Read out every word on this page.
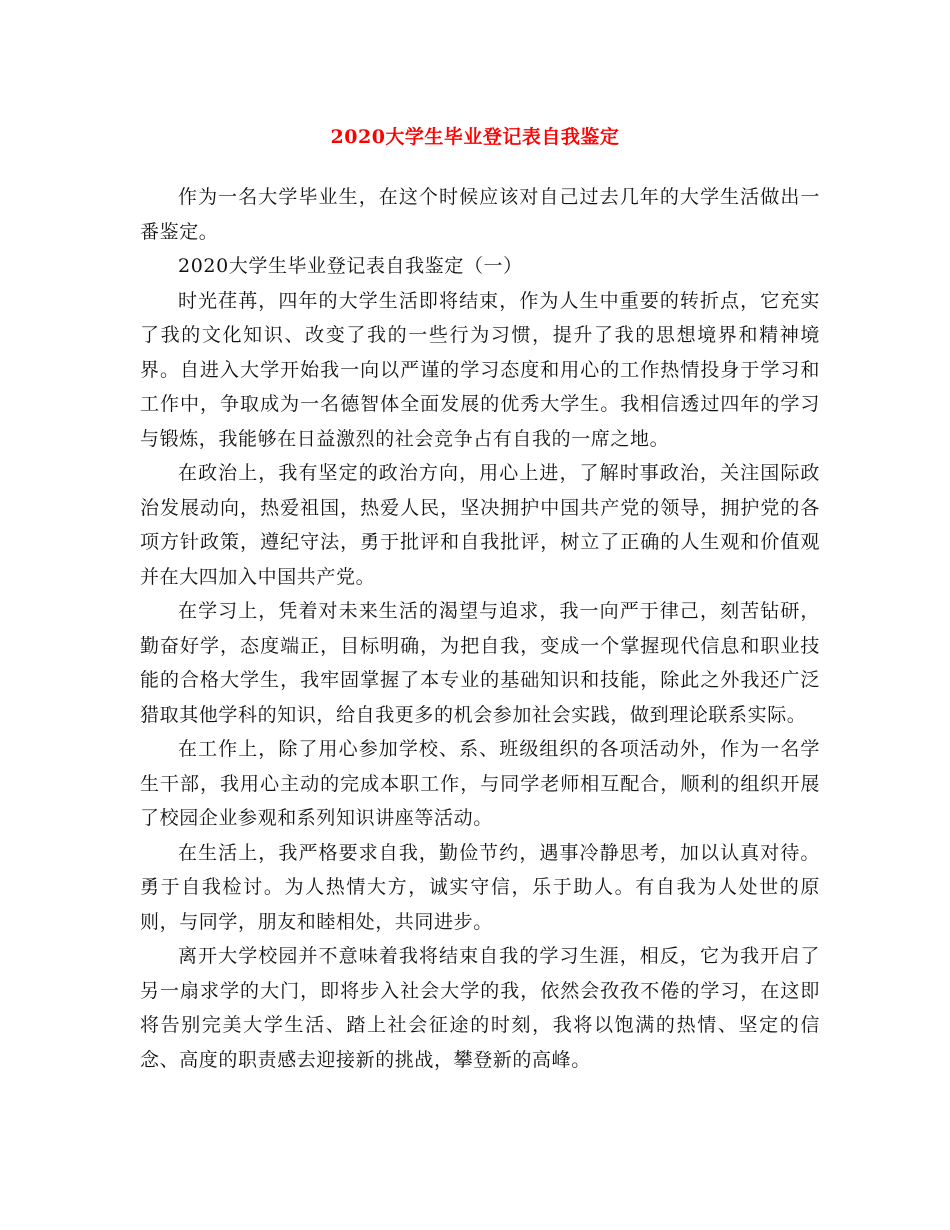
2020大学生毕业登记表自我鉴定

作为一名大学毕业生，在这个时候应该对自己过去几年的大学生活做出一番鉴定。

2020大学生毕业登记表自我鉴定（一）

时光荏苒，四年的大学生活即将结束，作为人生中重要的转折点，它充实了我的文化知识、改变了我的一些行为习惯，提升了我的思想境界和精神境界。自进入大学开始我一向以严谨的学习态度和用心的工作热情投身于学习和工作中，争取成为一名德智体全面发展的优秀大学生。我相信透过四年的学习与锻炼，我能够在日益激烈的社会竞争占有自我的一席之地。

在政治上，我有坚定的政治方向，用心上进，了解时事政治，关注国际政治发展动向，热爱祖国，热爱人民，坚决拥护中国共产党的领导，拥护党的各项方针政策，遵纪守法，勇于批评和自我批评，树立了正确的人生观和价值观并在大四加入中国共产党。

在学习上，凭着对未来生活的渴望与追求，我一向严于律己，刻苦钻研，勤奋好学，态度端正，目标明确，为把自我，变成一个掌握现代信息和职业技能的合格大学生，我牢固掌握了本专业的基础知识和技能，除此之外我还广泛猎取其他学科的知识，给自我更多的机会参加社会实践，做到理论联系实际。

在工作上，除了用心参加学校、系、班级组织的各项活动外，作为一名学生干部，我用心主动的完成本职工作，与同学老师相互配合，顺利的组织开展了校园企业参观和系列知识讲座等活动。

在生活上，我严格要求自我，勤俭节约，遇事冷静思考，加以认真对待。勇于自我检讨。为人热情大方，诚实守信，乐于助人。有自我为人处世的原则，与同学，朋友和睦相处，共同进步。

离开大学校园并不意味着我将结束自我的学习生涯，相反，它为我开启了另一扇求学的大门，即将步入社会大学的我，依然会孜孜不倦的学习，在这即将告别完美大学生活、踏上社会征途的时刻，我将以饱满的热情、坚定的信念、高度的职责感去迎接新的挑战，攀登新的高峰。
